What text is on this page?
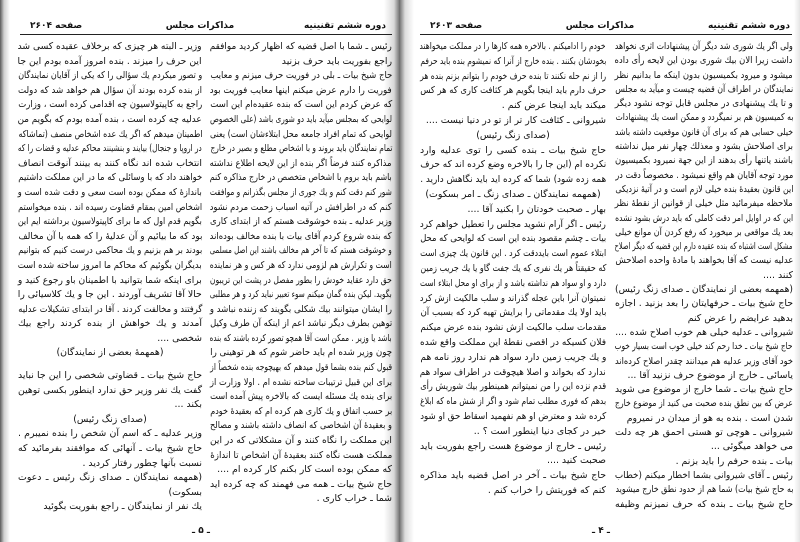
دوره ششم تقنینیه
مذاکرات مجلس
صفحه ۲۶۰۴
رئیس ـ شما با اصل قضیه که اظهار کردید موافقم
راجع بفوریت باید حرف بزنید
حاج شیخ بیات ـ بلی در فوریت حرف میزنم و معایب
فوریت را دارم عرض میکنم اینها معایب فوریت بود
که عرض کردم این است که بنده عقیده‌ام این است
لوایحی که بمجلس میآید باید دو شوری باشد (علی الخصوص
لوایحی که تمام افراد جامعه محل ابتلاءشان است) یعنی
تمام نمایندگان باید بروند و با اشخاص مطلع و بصیر در خارج
مذاکره کنند فرضاً اگر بنده از این لایحه اطلاع نداشته
باشم باید بروم با اشخاص متخصص در خارج مذاکره کنم
شور کنم دقت کنم و یك جوری از مجلس بگذرانم و موافقت
کنم که در اطرافش در آتیه اسباب زحمت مردم نشود
وزیر عدلیه ـ بنده خوشوقت هستم که از ابتدای کاری
که بنده شروع کردم آقای بیات با بنده مخالف بوده‌اند
و خوشوقت هستم که تا آخر هم مخالف باشند این اصل مسلمی
است و تکرارش هم لزومی ندارد که هر کس و هر نماینده
حق دارد عقاید خودش را بطور مفصل در پشت این تریبون
بگوید. لیکن بنده گمان میکنم سوء تعبیر نباید کرد و هر مطلبی
را ایشان میتوانند بیك شکلی بگویند که زننده نباشد و
توهین بطرف دیگر نباشد اعم از اینکه آن طرف وکیل
باشد یا وزیر . ممکن است آقا همچو تصور کرده باشند که بنده
چون وزیر شده ام باید حاضر شوم که هر توهینی را
قبول کنم بنده بشما قول میدهم که بهیچوجه بنده شخصاً از
برای این قبیل ترتیبات ساخته نشده ام . اولا وزارت از
برای بنده یك مسئله ایست که بالاخره پیش آمده است
بر حسب اتفاق و یك کاری هم کرده ام که بعقیدهٔ خودم
و بعقیدهٔ آن اشخاصی که انصاف داشته باشند و مصالح
این مملکت را نگاه کنند و آن مشکلاتی که در این
مملکت هست نگاه کنند بعقیدهٔ آن اشخاص تا اندازهٔ
که ممکن بوده است کار بکنم کار کرده ام ....
حاج شیخ بیات ـ همه می فهمند که چه کرده اید
شما ـ خراب کاری .
وزیر ـ البته هر چیزی که برخلاف عقیده کسی شد
این حرف را میزند . بنده امروز آمده بودم این جا
و تصور میکردم یك سؤالی را که یکی از آقایان نمایندگان
از بنده کرده بودند آن سؤال هم خواهد شد که دولت
راجع به کاپیتولاسیون چه اقدامی کرده است ، وزارت
عدلیه چه کرده است ، بنده آمده بودم که بگویم من
اطمینان میدهم که اگر یك عده اشخاص منصف (تماشاکه
در اروپا و جنجال) بیایند و بنشینند محاکم عدلیه و قضات را که
انتخاب شده اند نگاه کنند به بینند آنوقت انصاف
خواهند داد که با وسائلی که ما در این مملکت داشتیم
باندازهٔ که ممکن بوده است سعی و دقت شده است و
اشخاص امین بمقام قضاوت رسیده اند . بنده میخواستم
بگویم قدم اول که ما برای کاپیتولاسیون برداشته ایم این
بود که ما بیائیم و آن عدلیهٔ را که همه با آن مخالف
بودند بر هم بزنیم و یك محاکمی درست کنیم که بتوانیم
بدیگران بگوئیم که محاکم ما امروز ساخته شده است
برای اینکه شما بتوانید با اطمینان باو رجوع کنید و
حالا آقا تشریف آوردند . این جا و یك کلاسیائی را
گرفتند و مخالفت کردند . آقا در ابتدای تشکیلات عدلیه
آمدند و یك خواهش از بنده کردند راجع بیك
شخصی ....
(همهمهٔ بعضی از نمایندگان)
حاج شیخ بیات ـ قضاوتی شخصی را این جا نباید
گفت یك نفر وزیر حق ندارد اینطور بکسی توهین
بکند ...
(صدای زنگ رئیس)
وزیر عدلیه ـ که اسم آن شخص را بنده نمیبرم .
حاج شیخ بیات ـ آنهائی که موافقند بفرمائید که
نسبت بآنها چطور رفتار کردید .
(همهمه نمایندگان ـ صدای زنگ رئیس ـ دعوت
بسکوت)
یك نفر از نمایندگان ـ راجع بفوریت بگوئید
ـ ۵ ـ
دوره ششم تقنینیه
مذاکرات مجلس
صفحه ۲۶۰۳
ولی اگر یك شوری شد دیگر آن پیشنهادات اثری نخواهد
داشت زیرا الان بیك شوری بودن این لایحه رأی داده
میشود و میرود بکمیسیون بدون اینکه ما بدانیم نظر
نمایندگان در اطراف آن قضیه چیست و میآید به مجلس
و تا یك پیشنهادی در مجلس قابل توجه نشود دیگر
به کمیسیون هم بر نمیگردد و ممکن است یك پیشنهادات
خیلی حسابی هم که برای آن قانون موقعیت داشته باشد
برای اصلاحش بشود و معذلك چهار نفر میل نداشته
باشند یاتنها رأی بدهند از این جهة نمیرود بکمیسیون
مورد توجه آقایان هم واقع نمیشود . مخصوصاً دقت در
این قانون بعقیدهٔ بنده خیلی لازم است و در آتیهٔ نزدیکی
ملاحظه میفرمائید مثل خیلی از قوانین از نقطهٔ نظر
این که در اوایل امر دقت کاملی که باید درش بشود نشده
بعد یك مواقعی بر میخورد که رفع کردن آن موانع خیلی
مشکل است اشتباه که بنده عقیده دارم این قضیه که دیگر اصلاح
عدلیه نیست که آقا بخواهند با مادهٔ واحده اصلاحش
کنند ....
(همهمه بعضی از نمایندگان ـ صدای زنگ رئیس)
حاج شیخ بیات ـ حرفهایتان را بعد بزنید . اجازه
بدهید عرایضم را عرض کنم
شیروانی ـ عدلیه خیلی هم خوب اصلاح شده ....
حاج شیخ بیات ـ خدا رحم کند خیلی خوب است بسیار خوب
خود آقای وزیر عدلیه هم میدانند چقدر اصلاح کرده‌اند
یاسائی ـ خارج از موضوع حرف نزنید آقا ...
حاج شیخ بیات ـ شما خارج از موضوع می شوید
عرض که بین نطق بنده صحبت می کنید از موضوع خارج
شدن است . بنده به هو از میدان در نمیروم
شیروانی ـ هوچی تو هستی احمق هر چه دلت
می خواهد میگوئی ...
بیات ـ بنده حرفم را باید بزنم .
رئیس ـ آقای شیروانی بشما اخطار میکنم (خطاب
به حاج شیخ بیات) شما هم از حدود نطق خارج میشوید
حاج شیخ بیات ـ بنده که حرف نمیزنم وظیفه
خودم را ادامیکنم . بالاخره همه کارها را در مملکت میخواهند
بخودشان بکنند . بنده خارج از آنرا که نمیشوم بنده باید حرفم
را از نم حله نکنند تا بنده حرف خودم را بتوانم بزنم بنده هر
حرف دارم باید اینجا بگویم هر کثافت کاری که هر کس
میکند باید اینجا عرض کنم .
شیروانی ـ کثافت کار تر از تو در دنیا نیست ....
(صدای زنگ رئیس)
حاج شیخ بیات ـ بنده کسی را توی عدلیه وارد
نکرده ام (این جا را بالاخره وضع کرده اند که حرف
همه زده شود) شما که کرده اید باید نگاهش دارید .
(همهمه نمایندگان ـ صدای زنگ ـ امر بسکوت)
بهار ـ صحبت خودتان را بکنید آقا ....
رئیس ـ اگر آرام نشوید مجلس را تعطیل خواهم کرد
بیات ـ چشم مقصود بنده این است که لوایحی که محل
ابتلاء عموم است بایددقت کرد . این قانون یك چیزی است
که حقیقتاً هر یك نفری که یك جفت گاو یا یك جریب زمین
دارد و او سواد هم نداشته باشد و از برای او محل ابتلاء است
نمیتوان آنرا باین عجله گذراند و سلب مالکیت ازش کرد
باید اولا یك مقدماتی را برایش تهیه کرد که بسبب آن
مقدمات سلب مالکیت ازش نشود بنده عرض میکنم
فلان کسیکه در اقصی نقطهٔ این مملکت واقع شده
و یك جریب زمین دارد سواد هم ندارد روز نامه هم
ندارد که بخواند و اصلا هیچوقت در اطراف سواد هم
قدم نزده این را من نمیتوانم همینطور بیك شوریش رأی
بدهم که فوری مطلب تمام شود و اگر از شش ماه که ابلاغ
کرده شد و معترض او هم نفهمید اسقاط حق او شود
خیر در کجای دنیا اینطور است ؟ ..
رئیس ـ خارج از موضوع هست راجع بفوریت باید
صحبت کنید ....
حاج شیخ بیات ـ آخر در اصل قضیه باید مذاکره
کنم که فوریتش را خراب کنم .
ـ ۴ ـ
